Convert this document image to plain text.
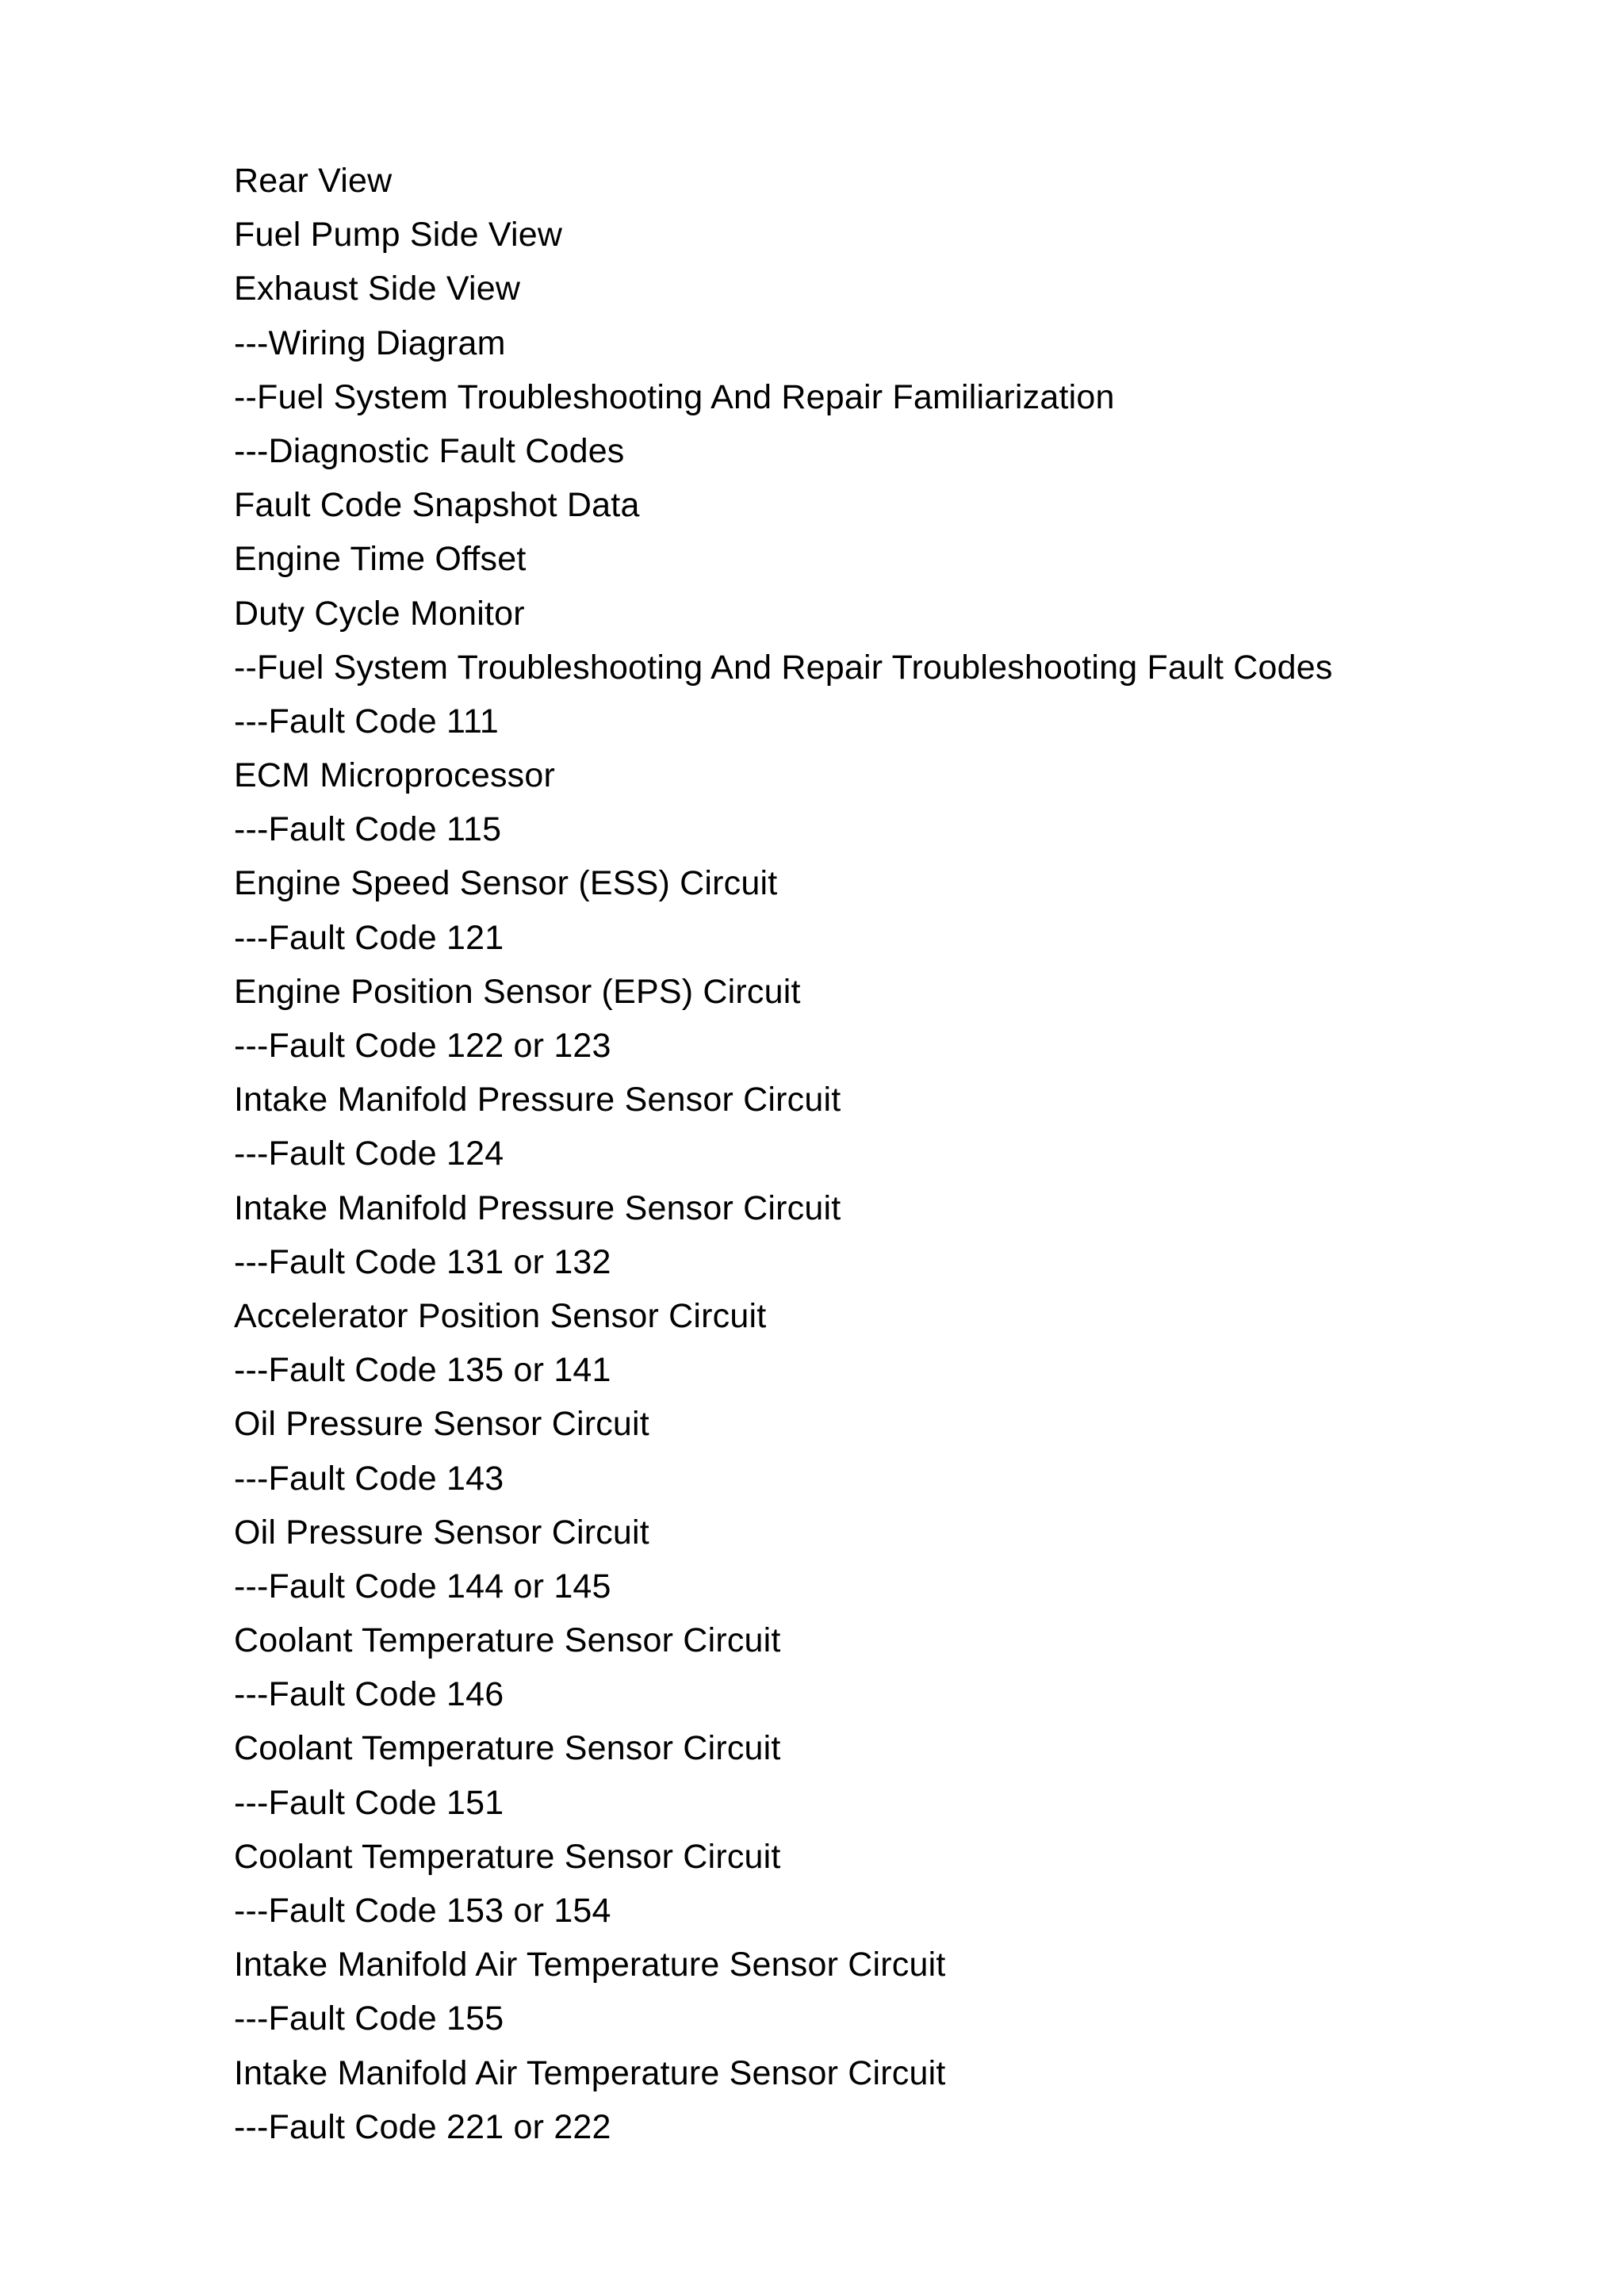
Rear View
Fuel Pump Side View
Exhaust Side View
---Wiring Diagram
--Fuel System Troubleshooting And Repair Familiarization
---Diagnostic Fault Codes
Fault Code Snapshot Data
Engine Time Offset
Duty Cycle Monitor
--Fuel System Troubleshooting And Repair Troubleshooting Fault Codes
---Fault Code 111
ECM Microprocessor
---Fault Code 115
Engine Speed Sensor (ESS) Circuit
---Fault Code 121
Engine Position Sensor (EPS) Circuit
---Fault Code 122 or 123
Intake Manifold Pressure Sensor Circuit
---Fault Code 124
Intake Manifold Pressure Sensor Circuit
---Fault Code 131 or 132
Accelerator Position Sensor Circuit
---Fault Code 135 or 141
Oil Pressure Sensor Circuit
---Fault Code 143
Oil Pressure Sensor Circuit
---Fault Code 144 or 145
Coolant Temperature Sensor Circuit
---Fault Code 146
Coolant Temperature Sensor Circuit
---Fault Code 151
Coolant Temperature Sensor Circuit
---Fault Code 153 or 154
Intake Manifold Air Temperature Sensor Circuit
---Fault Code 155
Intake Manifold Air Temperature Sensor Circuit
---Fault Code 221 or 222
